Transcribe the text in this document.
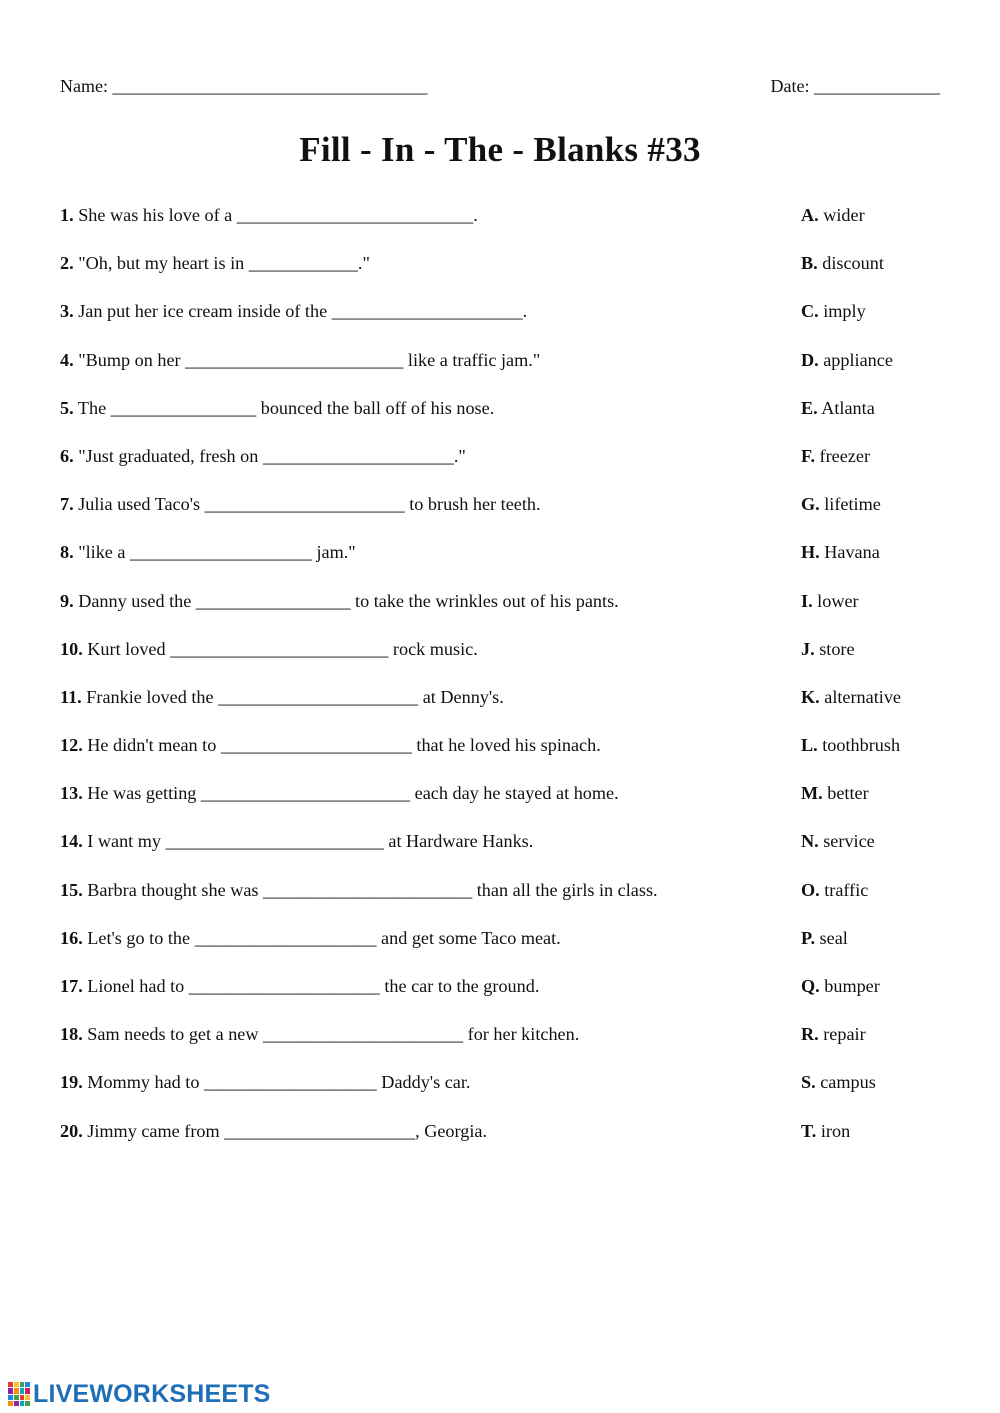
Name: ___________________________________	Date: ______________
Fill - In - The - Blanks #33
1. She was his love of a __________________________.	A. wider
2. "Oh, but my heart is in ____________."	B. discount
3. Jan put her ice cream inside of the _____________________.	C. imply
4. "Bump on her ________________________ like a traffic jam."	D. appliance
5. The ________________ bounced the ball off of his nose.	E. Atlanta
6. "Just graduated, fresh on _____________________."	F. freezer
7. Julia used Taco's ______________________ to brush her teeth.	G. lifetime
8. "like a ____________________ jam."	H. Havana
9. Danny used the _________________ to take the wrinkles out of his pants.	I. lower
10. Kurt loved ________________________ rock music.	J. store
11. Frankie loved the ______________________ at Denny's.	K. alternative
12. He didn't mean to _____________________ that he loved his spinach.	L. toothbrush
13. He was getting _______________________ each day he stayed at home.	M. better
14. I want my ________________________ at Hardware Hanks.	N. service
15. Barbra thought she was _______________________ than all the girls in class.	O. traffic
16. Let's go to the ____________________ and get some Taco meat.	P. seal
17. Lionel had to _____________________ the car to the ground.	Q. bumper
18. Sam needs to get a new ______________________ for her kitchen.	R. repair
19. Mommy had to ___________________ Daddy's car.	S. campus
20. Jimmy came from _____________________, Georgia.	T. iron
LIVEWORKSHEETS
